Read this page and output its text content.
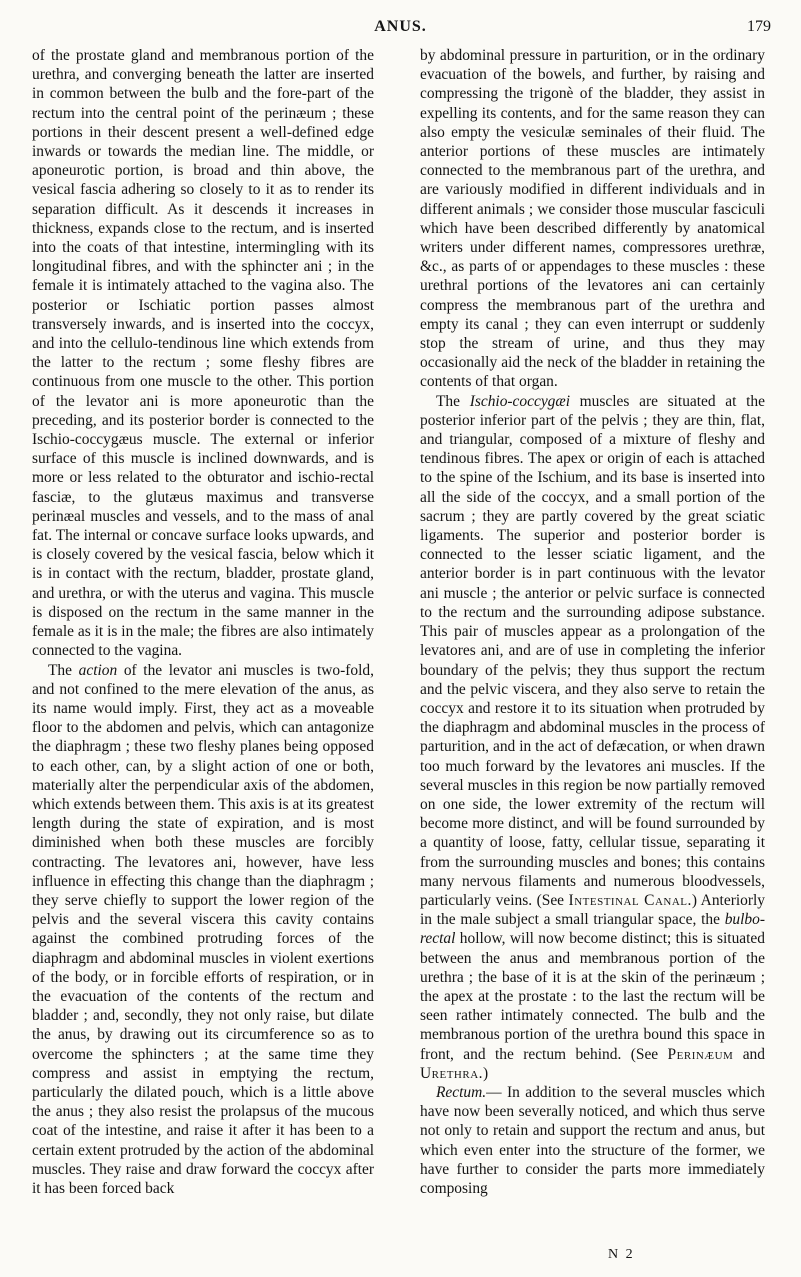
ANUS.	179

of the prostate gland and membranous portion of the urethra, and converging beneath the latter are inserted in common between the bulb and the fore-part of the rectum into the central point of the perinæum ; these portions in their descent present a well-defined edge inwards or towards the median line. The middle, or aponeurotic portion, is broad and thin above, the vesical fascia adhering so closely to it as to render its separation difficult. As it descends it increases in thickness, expands close to the rectum, and is inserted into the coats of that intestine, intermingling with its longitudinal fibres, and with the sphincter ani ; in the female it is intimately attached to the vagina also. The posterior or Ischiatic portion passes almost transversely inwards, and is inserted into the coccyx, and into the cellulo-tendinous line which extends from the latter to the rectum ; some fleshy fibres are continuous from one muscle to the other. This portion of the levator ani is more aponeurotic than the preceding, and its posterior border is connected to the Ischio-coccygæus muscle. The external or inferior surface of this muscle is inclined downwards, and is more or less related to the obturator and ischio-rectal fasciæ, to the glutæus maximus and transverse perinæal muscles and vessels, and to the mass of anal fat. The internal or concave surface looks upwards, and is closely covered by the vesical fascia, below which it is in contact with the rectum, bladder, prostate gland, and urethra, or with the uterus and vagina. This muscle is disposed on the rectum in the same manner in the female as it is in the male; the fibres are also intimately connected to the vagina.

The action of the levator ani muscles is two-fold, and not confined to the mere elevation of the anus, as its name would imply. First, they act as a moveable floor to the abdomen and pelvis, which can antagonize the diaphragm ; these two fleshy planes being opposed to each other, can, by a slight action of one or both, materially alter the perpendicular axis of the abdomen, which extends between them. This axis is at its greatest length during the state of expiration, and is most diminished when both these muscles are forcibly contracting. The levatores ani, however, have less influence in effecting this change than the diaphragm ; they serve chiefly to support the lower region of the pelvis and the several viscera this cavity contains against the combined protruding forces of the diaphragm and abdominal muscles in violent exertions of the body, or in forcible efforts of respiration, or in the evacuation of the contents of the rectum and bladder ; and, secondly, they not only raise, but dilate the anus, by drawing out its circumference so as to overcome the sphincters ; at the same time they compress and assist in emptying the rectum, particularly the dilated pouch, which is a little above the anus ; they also resist the prolapsus of the mucous coat of the intestine, and raise it after it has been to a certain extent protruded by the action of the abdominal muscles. They raise and draw forward the coccyx after it has been forced back

by abdominal pressure in parturition, or in the ordinary evacuation of the bowels, and further, by raising and compressing the trigonè of the bladder, they assist in expelling its contents, and for the same reason they can also empty the vesiculæ seminales of their fluid. The anterior portions of these muscles are intimately connected to the membranous part of the urethra, and are variously modified in different individuals and in different animals ; we consider those muscular fasciculi which have been described differently by anatomical writers under different names, compressores urethræ, &c., as parts of or appendages to these muscles : these urethral portions of the levatores ani can certainly compress the membranous part of the urethra and empty its canal ; they can even interrupt or suddenly stop the stream of urine, and thus they may occasionally aid the neck of the bladder in retaining the contents of that organ.

The Ischio-coccygæi muscles are situated at the posterior inferior part of the pelvis ; they are thin, flat, and triangular, composed of a mixture of fleshy and tendinous fibres. The apex or origin of each is attached to the spine of the Ischium, and its base is inserted into all the side of the coccyx, and a small portion of the sacrum ; they are partly covered by the great sciatic ligaments. The superior and posterior border is connected to the lesser sciatic ligament, and the anterior border is in part continuous with the levator ani muscle ; the anterior or pelvic surface is connected to the rectum and the surrounding adipose substance. This pair of muscles appear as a prolongation of the levatores ani, and are of use in completing the inferior boundary of the pelvis; they thus support the rectum and the pelvic viscera, and they also serve to retain the coccyx and restore it to its situation when protruded by the diaphragm and abdominal muscles in the process of parturition, and in the act of defæcation, or when drawn too much forward by the levatores ani muscles. If the several muscles in this region be now partially removed on one side, the lower extremity of the rectum will become more distinct, and will be found surrounded by a quantity of loose, fatty, cellular tissue, separating it from the surrounding muscles and bones; this contains many nervous filaments and numerous bloodvessels, particularly veins. (See Intestinal Canal.) Anteriorly in the male subject a small triangular space, the bulbo-rectal hollow, will now become distinct; this is situated between the anus and membranous portion of the urethra ; the base of it is at the skin of the perinæum ; the apex at the prostate : to the last the rectum will be seen rather intimately connected. The bulb and the membranous portion of the urethra bound this space in front, and the rectum behind. (See Perinæum and Urethra.)

Rectum.— In addition to the several muscles which have now been severally noticed, and which thus serve not only to retain and support the rectum and anus, but which even enter into the structure of the former, we have further to consider the parts more immediately composing

N 2
